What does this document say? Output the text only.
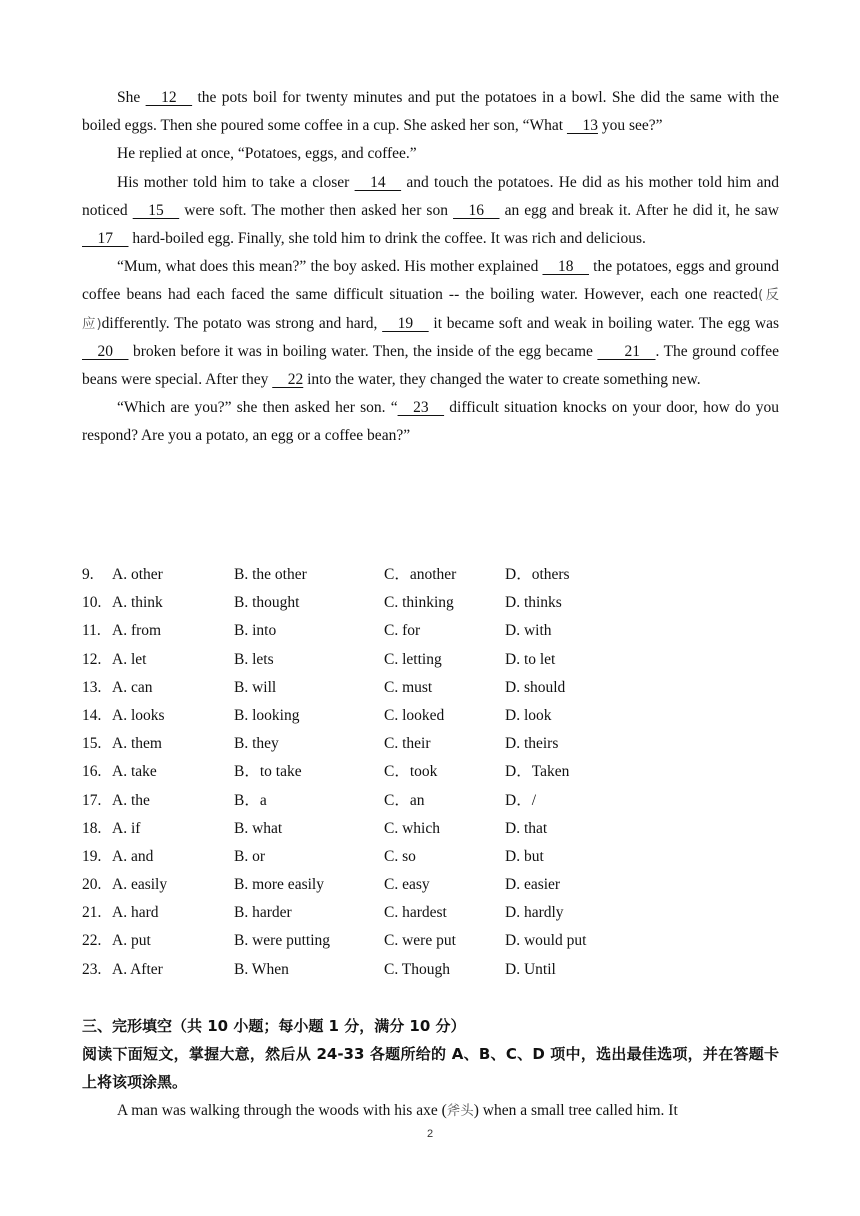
She     12     the pots boil for twenty minutes and put the potatoes in a bowl. She did the same with the boiled eggs. Then she poured some coffee in a cup. She asked her son, “What     13 you see?”

He replied at once, “Potatoes, eggs, and coffee.”

His mother told him to take a closer     14     and touch the potatoes. He did as his mother told him and noticed     15     were soft. The mother then asked her son     16     an egg and break it. After he did it, he saw     17     hard-boiled egg. Finally, she told him to drink the coffee. It was rich and delicious.

“Mum, what does this mean?” the boy asked. His mother explained     18     the potatoes, eggs and ground coffee beans had each faced the same difficult situation -- the boiling water. However, each one reacted(反应)differently. The potato was strong and hard,     19     it became soft and weak in boiling water. The egg was     20     broken before it was in boiling water. Then, the inside of the egg became        21    . The ground coffee beans were special. After they     22 into the water, they changed the water to create something new.

“Which are you?” she then asked her son. “    23     difficult situation knocks on your door, how do you respond? Are you a potato, an egg or a coffee bean?”

9. A. other	B. the other	C．another	D．others
10. A. think	B. thought	C. thinking	D. thinks
11. A. from	B. into	C. for	D. with
12. A. let	B. lets	C. letting	D. to let
13. A. can	B. will	C. must	D. should
14. A. looks	B. looking	C. looked	D. look
15. A. them	B. they	C. their	D. theirs
16. A. take	B．to take	C．took	D．Taken
17. A. the	B．a	C．an	D．/
18. A. if	B. what	C. which	D. that
19. A. and	B. or	C. so	D. but
20. A. easily	B. more easily	C. easy	D. easier
21. A. hard	B. harder	C. hardest	D. hardly
22. A. put	B. were putting	C. were put	D. would put
23. A. After	B. When	C. Though	D. Until

三、完形填空（共 10 小题；每小题 1 分，满分 10 分）

阅读下面短文，掌握大意，然后从 24-33 各题所给的 A、B、C、D 项中，选出最佳选项，并在答题卡上将该项涂黑。

A man was walking through the woods with his axe (斧头) when a small tree called him. It

2
